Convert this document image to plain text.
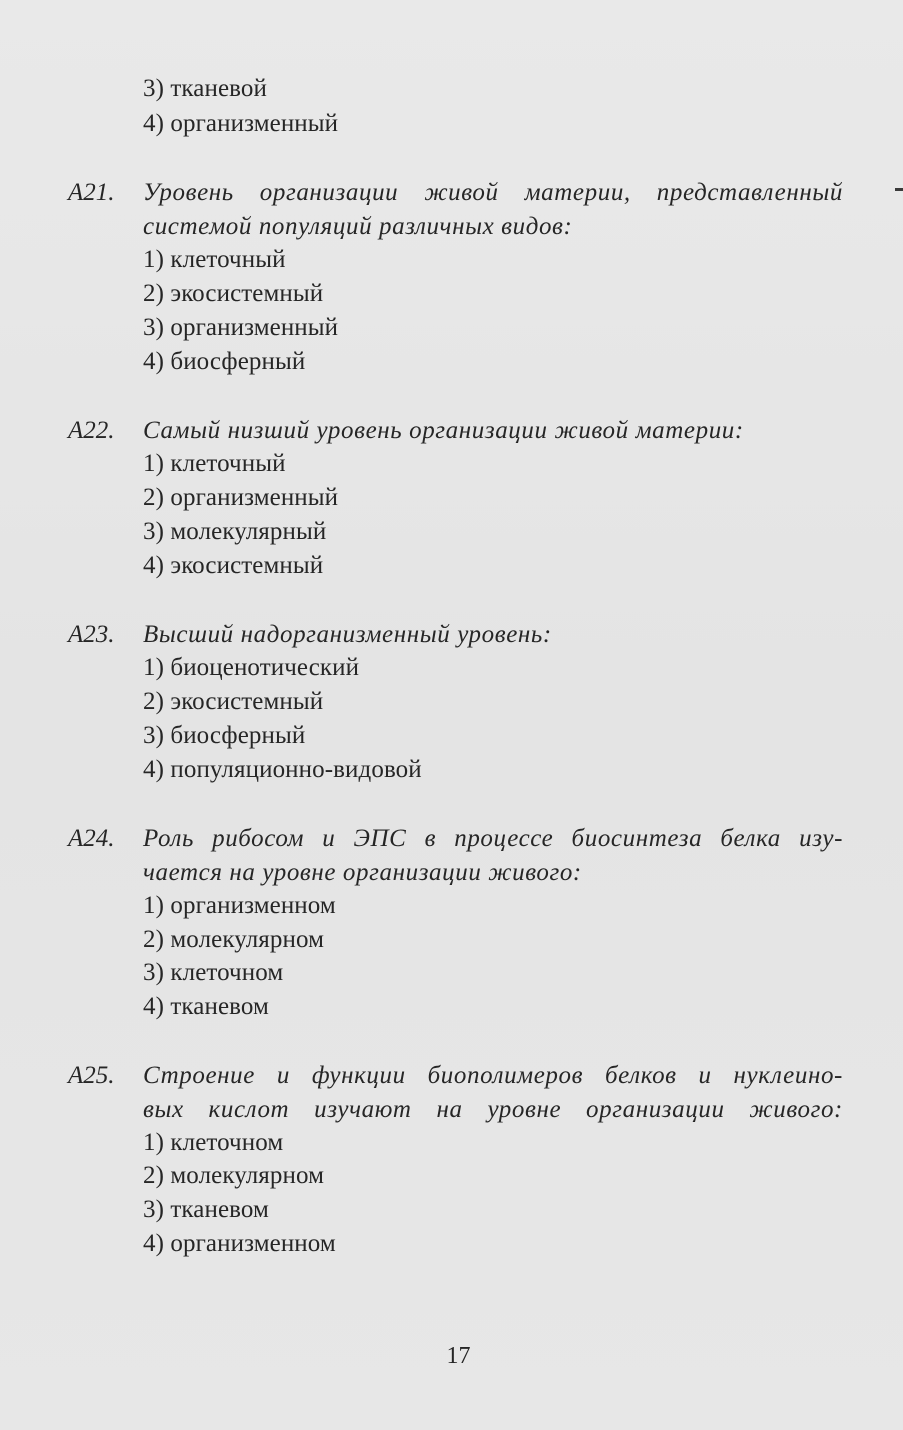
3) тканевой
4) организменный
А21. Уровень организации живой материи, представленный
системой популяций различных видов:
1) клеточный
2) экосистемный
3) организменный
4) биосферный
А22. Самый низший уровень организации живой материи:
1) клеточный
2) организменный
3) молекулярный
4) экосистемный
А23. Высший надорганизменный уровень:
1) биоценотический
2) экосистемный
3) биосферный
4) популяционно-видовой
А24. Роль рибосом и ЭПС в процессе биосинтеза белка изу-
чается на уровне организации живого:
1) организменном
2) молекулярном
3) клеточном
4) тканевом
А25. Строение и функции биополимеров белков и нуклеино-
вых кислот изучают на уровне организации живого:
1) клеточном
2) молекулярном
3) тканевом
4) организменном
17
